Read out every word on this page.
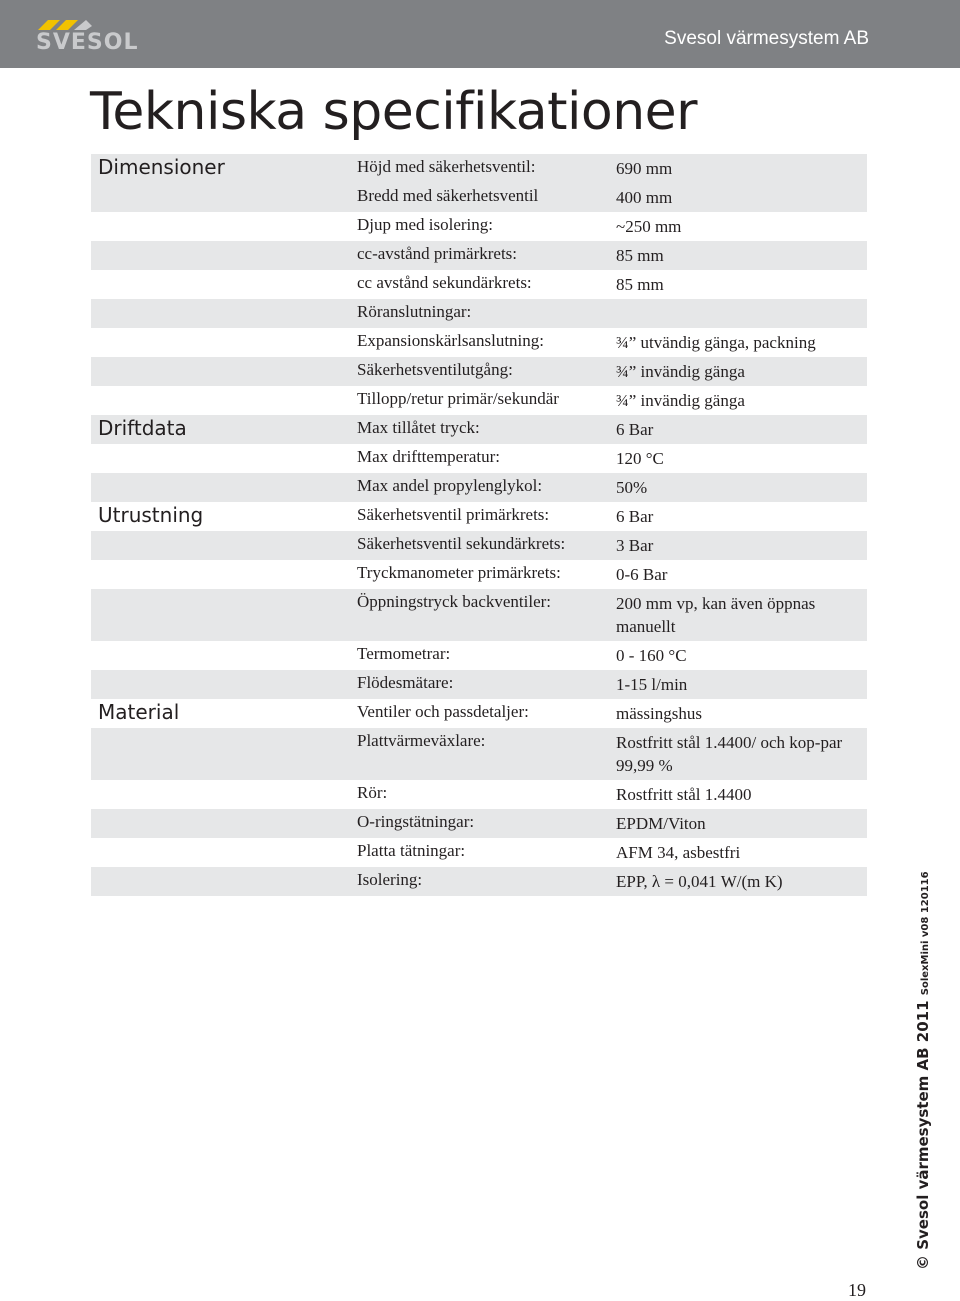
SVESOL	Svesol värmesystem AB
Tekniska specifikationer
Dimensioner	Höjd med säkerhetsventil:	690 mm
Bredd med säkerhetsventil	400 mm
Djup med isolering:	~250 mm
cc-avstånd primärkrets:	85 mm
cc avstånd sekundärkrets:	85 mm
Röranslutningar:
Expansionskärlsanslutning:	¾” utvändig gänga, packning
Säkerhetsventilutgång:	¾” invändig gänga
Tillopp/retur primär/sekundär	¾” invändig gänga
Driftdata	Max tillåtet tryck:	6 Bar
Max drifttemperatur:	120 °C
Max andel propylenglykol:	50%
Utrustning	Säkerhetsventil primärkrets:	6 Bar
Säkerhetsventil sekundärkrets:	3 Bar
Tryckmanometer primärkrets:	0-6 Bar
Öppningstryck backventiler:	200 mm vp, kan även öppnas manuellt
Termometrar:	0 - 160 °C
Flödesmätare:	1-15 l/min
Material	Ventiler och passdetaljer:	mässingshus
Plattvärmeväxlare:	Rostfritt stål 1.4400/ och kop-par 99,99 %
Rör:	Rostfritt stål 1.4400
O-ringstätningar:	EPDM/Viton
Platta tätningar:	AFM 34, asbestfri
Isolering:	EPP, λ = 0,041 W/(m K)
© Svesol värmesystem AB 2011 SolexMini v08 120116
19
